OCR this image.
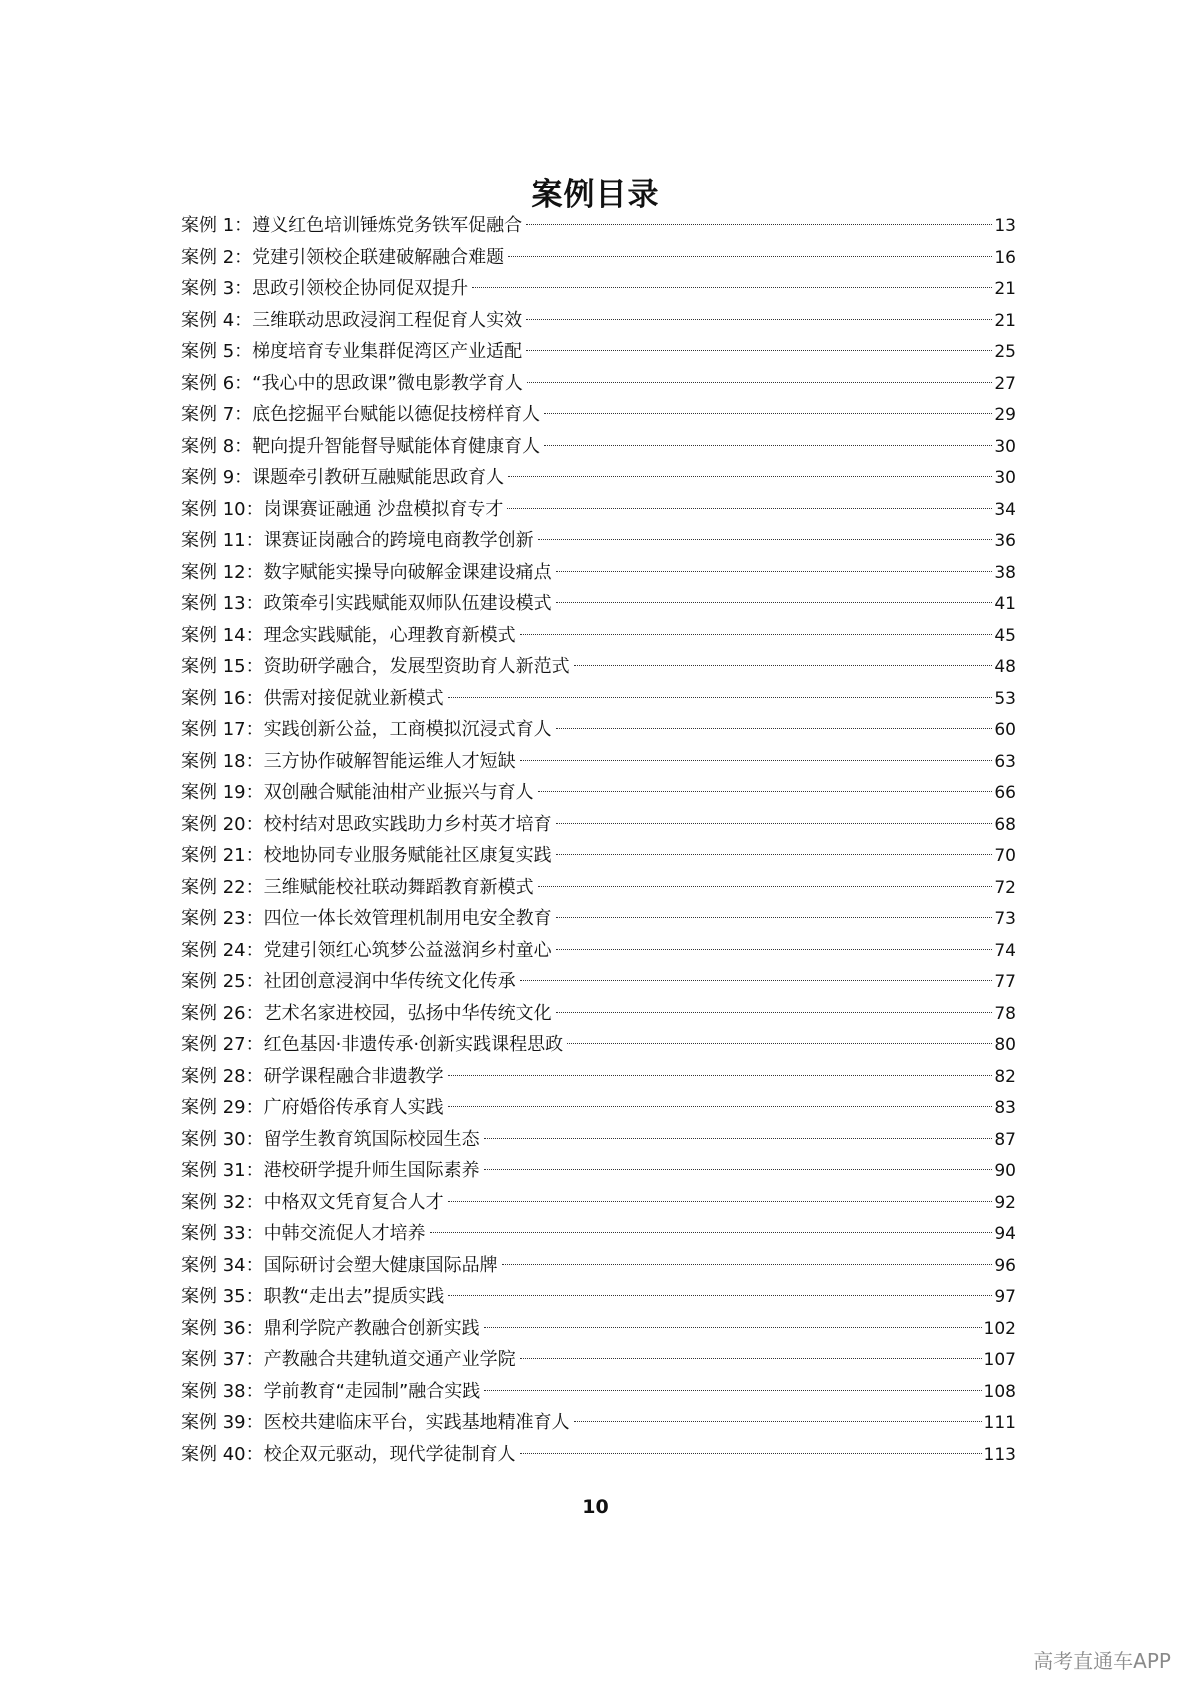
案例目录
案例 1：遵义红色培训锤炼党务铁军促融合	13
案例 2：党建引领校企联建破解融合难题	16
案例 3：思政引领校企协同促双提升	21
案例 4：三维联动思政浸润工程促育人实效	21
案例 5：梯度培育专业集群促湾区产业适配	25
案例 6：“我心中的思政课”微电影教学育人	27
案例 7：底色挖掘平台赋能以德促技榜样育人	29
案例 8：靶向提升智能督导赋能体育健康育人	30
案例 9：课题牵引教研互融赋能思政育人	30
案例 10：岗课赛证融通 沙盘模拟育专才	34
案例 11：课赛证岗融合的跨境电商教学创新	36
案例 12：数字赋能实操导向破解金课建设痛点	38
案例 13：政策牵引实践赋能双师队伍建设模式	41
案例 14：理念实践赋能，心理教育新模式	45
案例 15：资助研学融合，发展型资助育人新范式	48
案例 16：供需对接促就业新模式	53
案例 17：实践创新公益，工商模拟沉浸式育人	60
案例 18：三方协作破解智能运维人才短缺	63
案例 19：双创融合赋能油柑产业振兴与育人	66
案例 20：校村结对思政实践助力乡村英才培育	68
案例 21：校地协同专业服务赋能社区康复实践	70
案例 22：三维赋能校社联动舞蹈教育新模式	72
案例 23：四位一体长效管理机制用电安全教育	73
案例 24：党建引领红心筑梦公益滋润乡村童心	74
案例 25：社团创意浸润中华传统文化传承	77
案例 26：艺术名家进校园，弘扬中华传统文化	78
案例 27：红色基因·非遗传承·创新实践课程思政	80
案例 28：研学课程融合非遗教学	82
案例 29：广府婚俗传承育人实践	83
案例 30：留学生教育筑国际校园生态	87
案例 31：港校研学提升师生国际素养	90
案例 32：中格双文凭育复合人才	92
案例 33：中韩交流促人才培养	94
案例 34：国际研讨会塑大健康国际品牌	96
案例 35：职教“走出去”提质实践	97
案例 36：鼎利学院产教融合创新实践	102
案例 37：产教融合共建轨道交通产业学院	107
案例 38：学前教育“走园制”融合实践	108
案例 39：医校共建临床平台，实践基地精准育人	111
案例 40：校企双元驱动，现代学徒制育人	113
10
高考直通车APP
